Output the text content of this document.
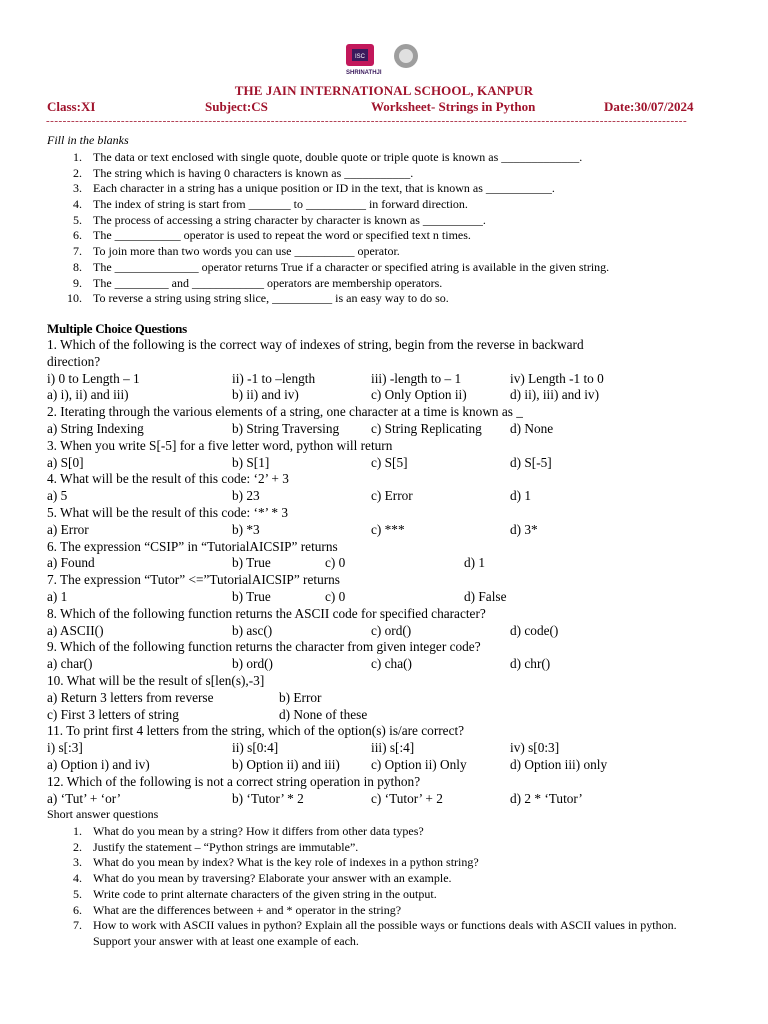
ISC
SHRINATHJI
THE JAIN INTERNATIONAL SCHOOL, KANPUR
Class:XI	Subject:CS	Worksheet- Strings in Python	Date:30/07/2024
----------------------------------------------------------------------------------------------------------------------------------------------------------
Fill in the blanks
1. The data or text enclosed with single quote, double quote or triple quote is known as _____________.
2. The string which is having 0 characters is known as ___________.
3. Each character in a string has a unique position or ID in the text, that is known as ___________.
4. The index of string is start from _______ to __________ in forward direction.
5. The process of accessing a string character by character is known as __________.
6. The ___________ operator is used to repeat the word or specified text n times.
7. To join more than two words you can use __________ operator.
8. The ______________ operator returns True if a character or specified atring is available in the given string.
9. The _________ and ____________ operators are membership operators.
10. To reverse a string using string slice, __________ is an easy way to do so.
Multiple Choice Questions
1. Which of the following is the correct way of indexes of string, begin from the reverse in backward
direction?
i) 0 to Length – 1	ii) -1 to –length	iii) -length to – 1	iv) Length -1 to 0
a) i), ii) and iii)	b) ii) and iv)	c) Only Option ii)	d) ii), iii) and iv)
2. Iterating through the various elements of a string, one character at a time is known as _
a) String Indexing	b) String Traversing c) String Replicating d) None
3. When you write S[-5] for a five letter word, python will return
a) S[0]	b) S[1]	c) S[5]	d) S[-5]
4. What will be the result of this code: ‘2’ + 3
a) 5	b) 23	c) Error	d) 1
5. What will be the result of this code: ‘*’ * 3
a) Error	b) *3	c) ***	d) 3*
6. The expression “CSIP” in “TutorialAICSIP” returns
a) Found	b) True	c) 0	d) 1
7. The expression “Tutor” <=”TutorialAICSIP” returns
a) 1	b) True	c) 0	d) False
8. Which of the following function returns the ASCII code for specified character?
a) ASCII()	b) asc()	c) ord()	d) code()
9. Which of the following function returns the character from given integer code?
a) char()	b) ord()	c) cha()	d) chr()
10. What will be the result of s[len(s),-3]
a) Return 3 letters from reverse	b) Error
c) First 3 letters of string	d) None of these
11. To print first 4 letters from the string, which of the option(s) is/are correct?
i) s[:3]	ii) s[0:4]	iii) s[:4]	iv) s[0:3]
a) Option i) and iv)	b) Option ii) and iii) c) Option ii) Only	d) Option iii) only
12. Which of the following is not a correct string operation in python?
a) ‘Tut’ + ‘or’	b) ‘Tutor’ * 2	c) ‘Tutor’ + 2	d) 2 * ‘Tutor’
Short answer questions
1. What do you mean by a string? How it differs from other data types?
2. Justify the statement – “Python strings are immutable”.
3. What do you mean by index? What is the key role of indexes in a python string?
4. What do you mean by traversing? Elaborate your answer with an example.
5. Write code to print alternate characters of the given string in the output.
6. What are the differences between + and * operator in the string?
7. How to work with ASCII values in python? Explain all the possible ways or functions deals with ASCII values in python. Support your answer with at least one example of each.
